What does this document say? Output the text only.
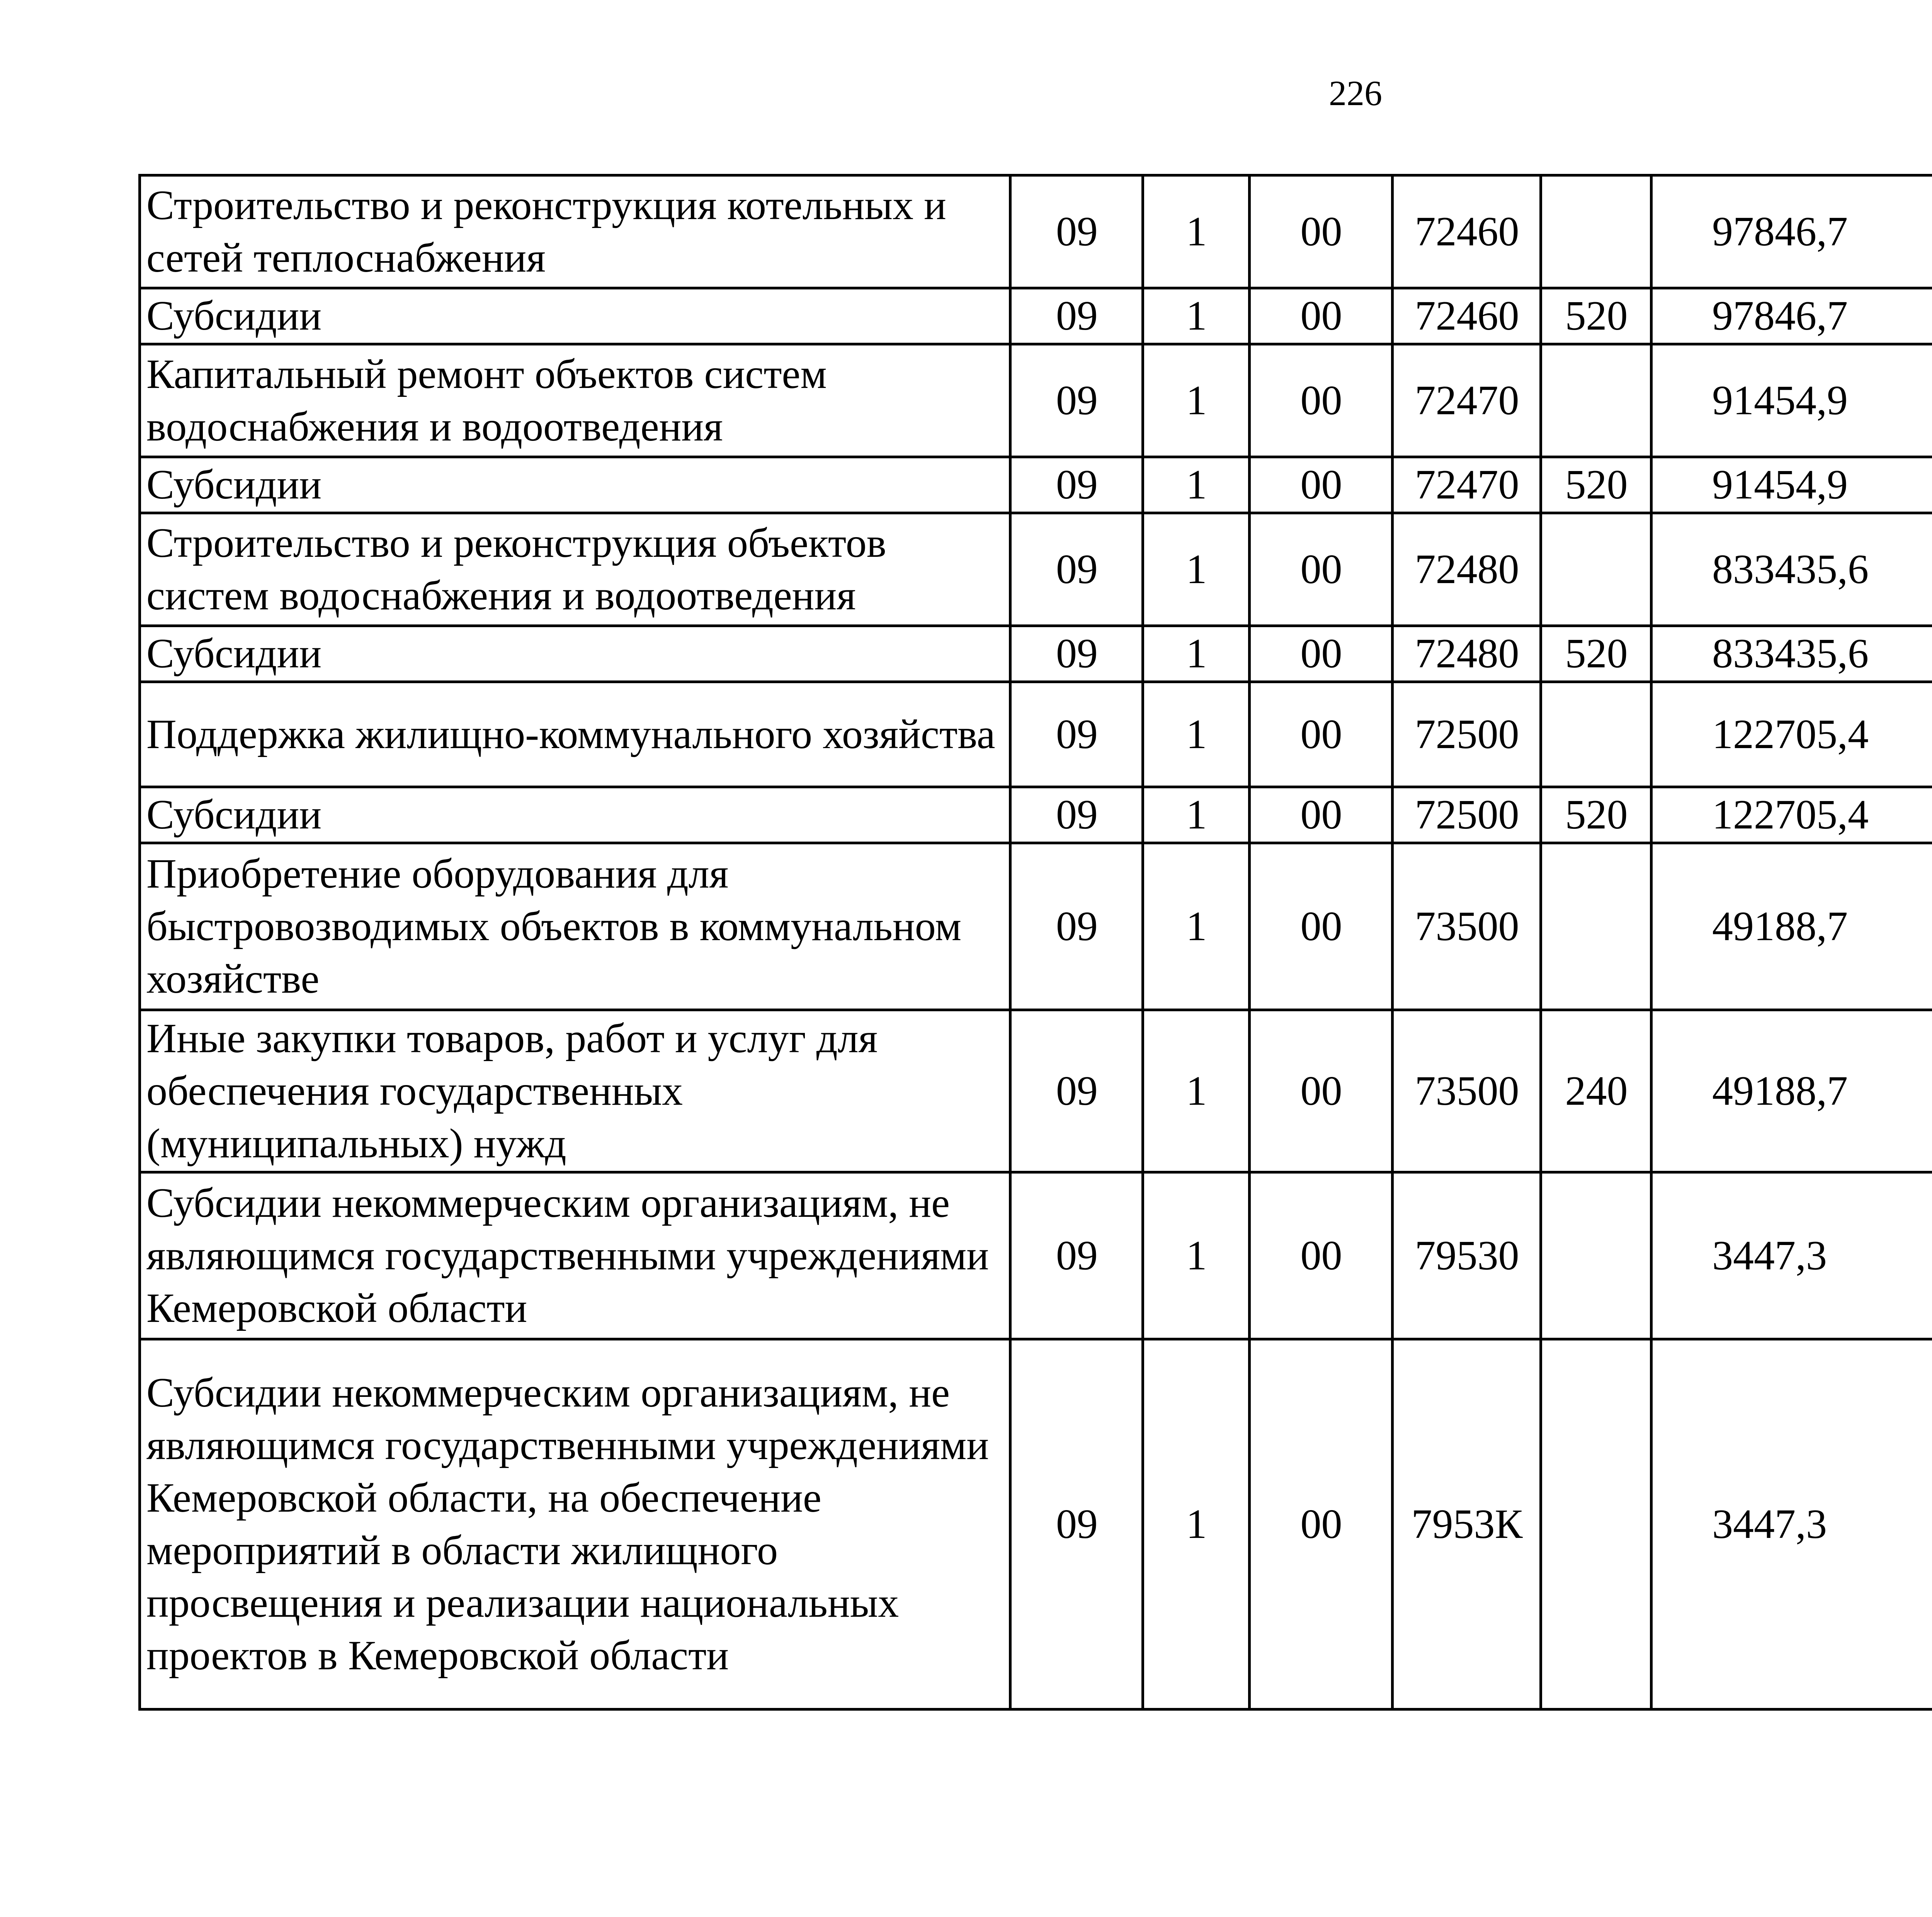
226
Строительство и реконструкция котельных и сетей теплоснабжения	09	1	00	72460		97846,7		
Субсидии	09	1	00	72460	520	97846,7		
Капитальный ремонт объектов систем водоснабжения и водоотведения	09	1	00	72470		91454,9		
Субсидии	09	1	00	72470	520	91454,9		
Строительство и реконструкция объектов систем водоснабжения и водоотведения	09	1	00	72480		833435,6		
Субсидии	09	1	00	72480	520	833435,6		
Поддержка жилищно-коммунального хозяйства	09	1	00	72500		122705,4		
Субсидии	09	1	00	72500	520	122705,4		
Приобретение оборудования для быстровозводимых объектов в коммунальном хозяйстве	09	1	00	73500		49188,7		
Иные закупки товаров, работ и услуг для обеспечения государственных (муниципальных) нужд	09	1	00	73500	240	49188,7		
Субсидии некоммерческим организациям, не являющимся государственными учреждениями Кемеровской области	09	1	00	79530		3447,3		
Субсидии некоммерческим организациям, не являющимся государственными учреждениями Кемеровской области, на обеспечение мероприятий в области жилищного просвещения и реализации национальных проектов в Кемеровской области	09	1	00	7953К		3447,3		
